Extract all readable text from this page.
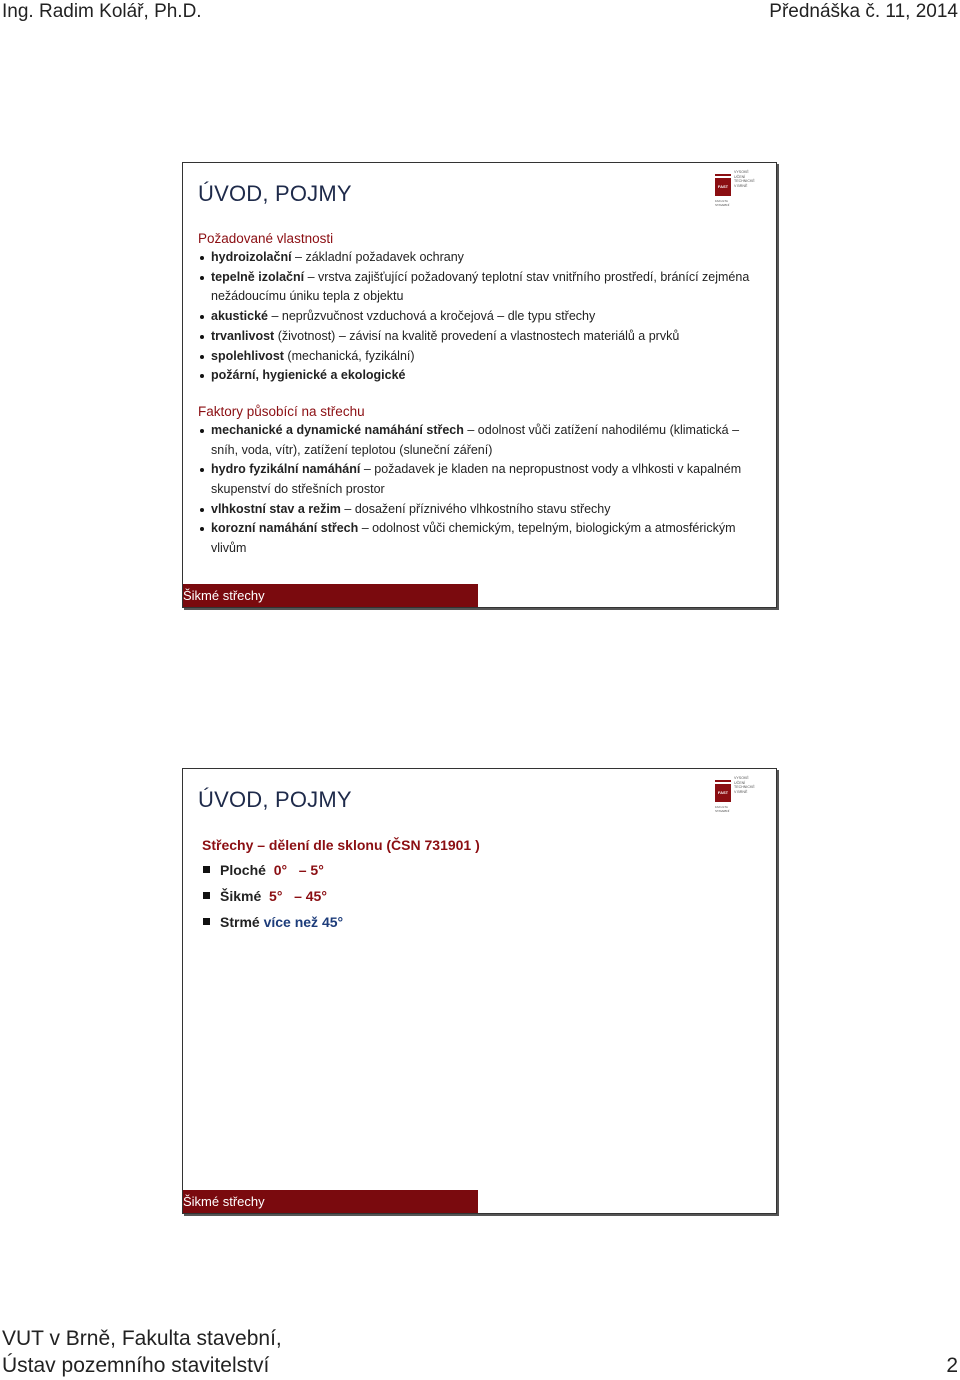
Ing. Radim Kolář, Ph.D.	Přednáška č. 11, 2014
ÚVOD, POJMY	FAST
FAKULTA
STAVEBNÍ
VYSOKÉ
UČENÍ
TECHNICKÉ
V BRNĚ
Požadované vlastnosti
hydroizolační – základní požadavek ochrany
tepelně izolační – vrstva zajišťující požadovaný teplotní stav vnitřního prostředí, bránící zejména nežádoucímu úniku tepla z objektu
akustické – neprůzvučnost vzduchová a kročejová – dle typu střechy
trvanlivost (životnost) – závisí na kvalitě provedení a vlastnostech materiálů a prvků
spolehlivost (mechanická, fyzikální)
požární, hygienické a ekologické
Faktory působící na střechu
mechanické a dynamické namáhání střech – odolnost vůči zatížení nahodilému (klimatická – sníh, voda, vítr), zatížení teplotou (sluneční záření)
hydro fyzikální namáhání – požadavek je kladen na nepropustnost vody a vlhkosti v kapalném skupenství do střešních prostor
vlhkostní stav a režim – dosažení příznivého vlhkostního stavu střechy
korozní namáhání střech – odolnost vůči chemickým, tepelným, biologickým a atmosférickým vlivům
Šikmé střechy
ÚVOD, POJMY	FAST
FAKULTA
STAVEBNÍ
VYSOKÉ
UČENÍ
TECHNICKÉ
V BRNĚ
Střechy – dělení dle sklonu (ČSN 731901 )
Ploché 0° – 5°
Šikmé 5° – 45°
Strmé více než 45°
Šikmé střechy
VUT v Brně, Fakulta stavební,
Ústav pozemního stavitelství	2
